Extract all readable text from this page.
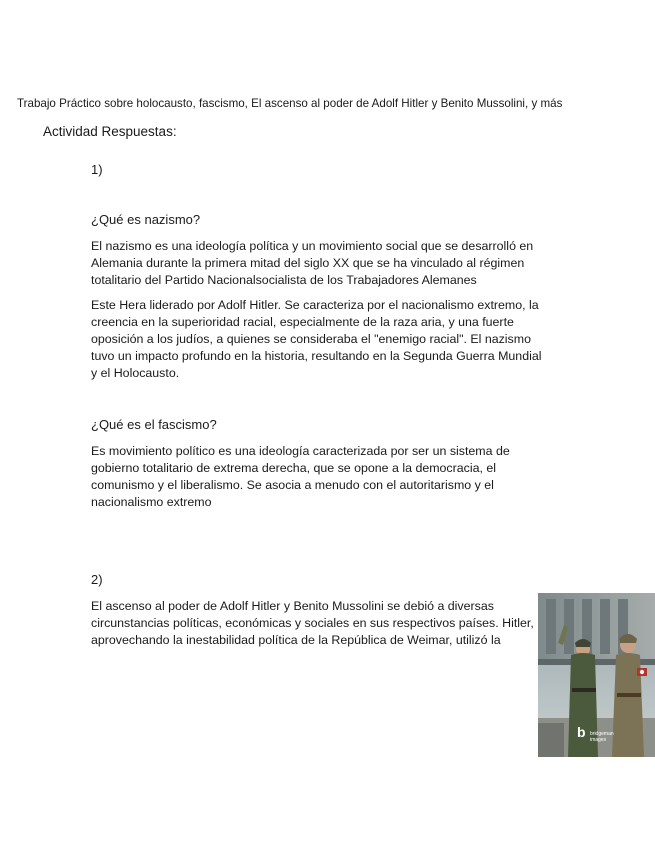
Trabajo Práctico sobre holocausto, fascismo, El ascenso al poder de Adolf Hitler y Benito Mussolini, y más
Actividad Respuestas:
1)
¿Qué es nazismo?
El nazismo es una ideología política y un movimiento social que se desarrolló en
Alemania durante la primera mitad del siglo XX que se ha vinculado al régimen
totalitario del Partido Nacionalsocialista de los Trabajadores Alemanes
Este Hera liderado por Adolf Hitler. Se caracteriza por el nacionalismo extremo, la
creencia en la superioridad racial, especialmente de la raza aria, y una fuerte
oposición a los judíos, a quienes se consideraba el "enemigo racial". El nazismo
tuvo un impacto profundo en la historia, resultando en la Segunda Guerra Mundial
y el Holocausto.
¿Qué es el fascismo?
Es movimiento político es una ideología caracterizada por ser un sistema de
gobierno totalitario de extrema derecha, que se opone a la democracia, el
comunismo y el liberalismo. Se asocia a menudo con el autoritarismo y el
nacionalismo extremo
2)
El ascenso al poder de Adolf Hitler y Benito Mussolini se debió a diversas
circunstancias políticas, económicas y sociales en sus respectivos países. Hitler,
aprovechando la inestabilidad política de la República de Weimar, utilizó la
b bridgeman
images
